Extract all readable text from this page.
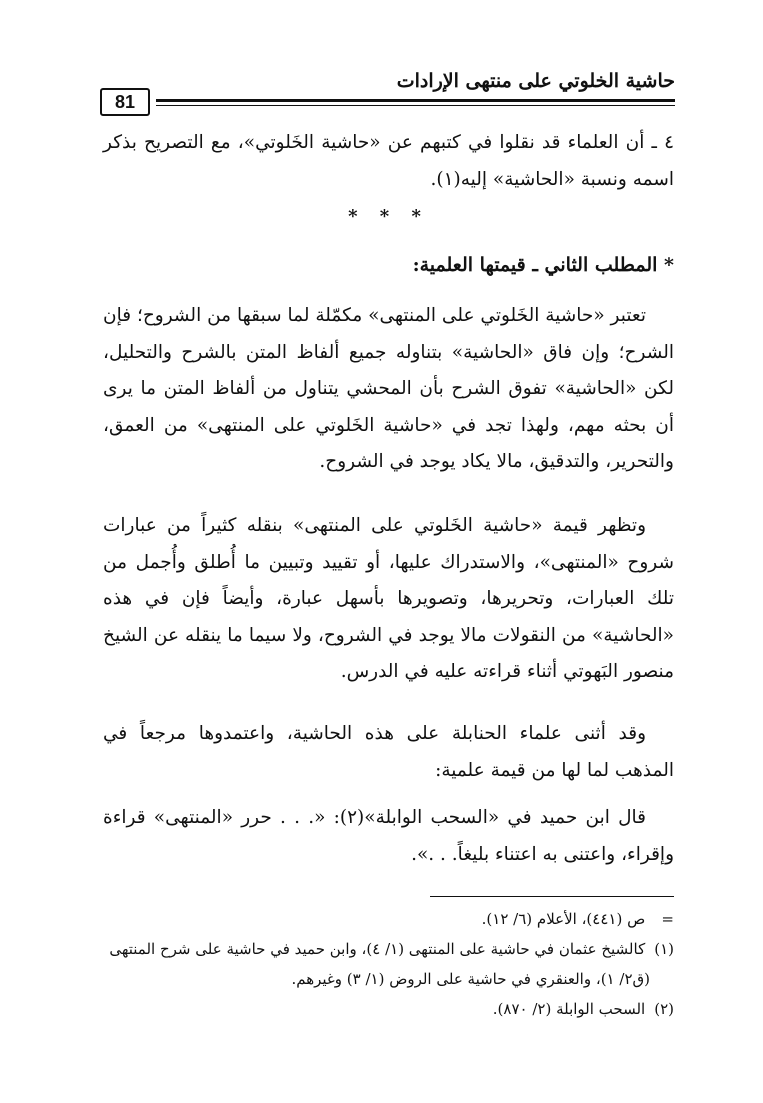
حاشية الخلوتي على منتهى الإرادات
81
٤ ـ أن العلماء قد نقلوا في كتبهم عن «حاشية الخَلوتي»، مع التصريح بذكر اسمه ونسبة «الحاشية» إليه(١).
* * *
* المطلب الثاني ـ قيمتها العلمية:
تعتبر «حاشية الخَلوتي على المنتهى» مكمّلة لما سبقها من الشروح؛ فإن الشرح؛ وإن فاق «الحاشية» بتناوله جميع ألفاظ المتن بالشرح والتحليل، لكن «الحاشية» تفوق الشرح بأن المحشي يتناول من ألفاظ المتن ما يرى أن بحثه مهم، ولهذا تجد في «حاشية الخَلوتي على المنتهى» من العمق، والتحرير، والتدقيق، مالا يكاد يوجد في الشروح.
وتظهر قيمة «حاشية الخَلوتي على المنتهى» بنقله كثيراً من عبارات شروح «المنتهى»، والاستدراك عليها، أو تقييد وتبيين ما أُطلق وأُجمل من تلك العبارات، وتحريرها، وتصويرها بأسهل عبارة، وأيضاً فإن في هذه «الحاشية» من النقولات مالا يوجد في الشروح، ولا سيما ما ينقله عن الشيخ منصور البَهوتي أثناء قراءته عليه في الدرس.
وقد أثنى علماء الحنابلة على هذه الحاشية، واعتمدوها مرجعاً في المذهب لما لها من قيمة علمية:
قال ابن حميد في «السحب الوابلة»(٢): «. . . حرر «المنتهى» قراءة وإقراء، واعتنى به اعتناء بليغاً. . .».

= ص (٤٤١)، الأعلام (٦/ ١٢).

(١) كالشيخ عثمان في حاشية على المنتهى (١/ ٤)، وابن حميد في حاشية على شرح المنتهى

(ق٢/ ١)، والعنقري في حاشية على الروض (١/ ٣) وغيرهم.

(٢) السحب الوابلة (٢/ ٨٧٠).
